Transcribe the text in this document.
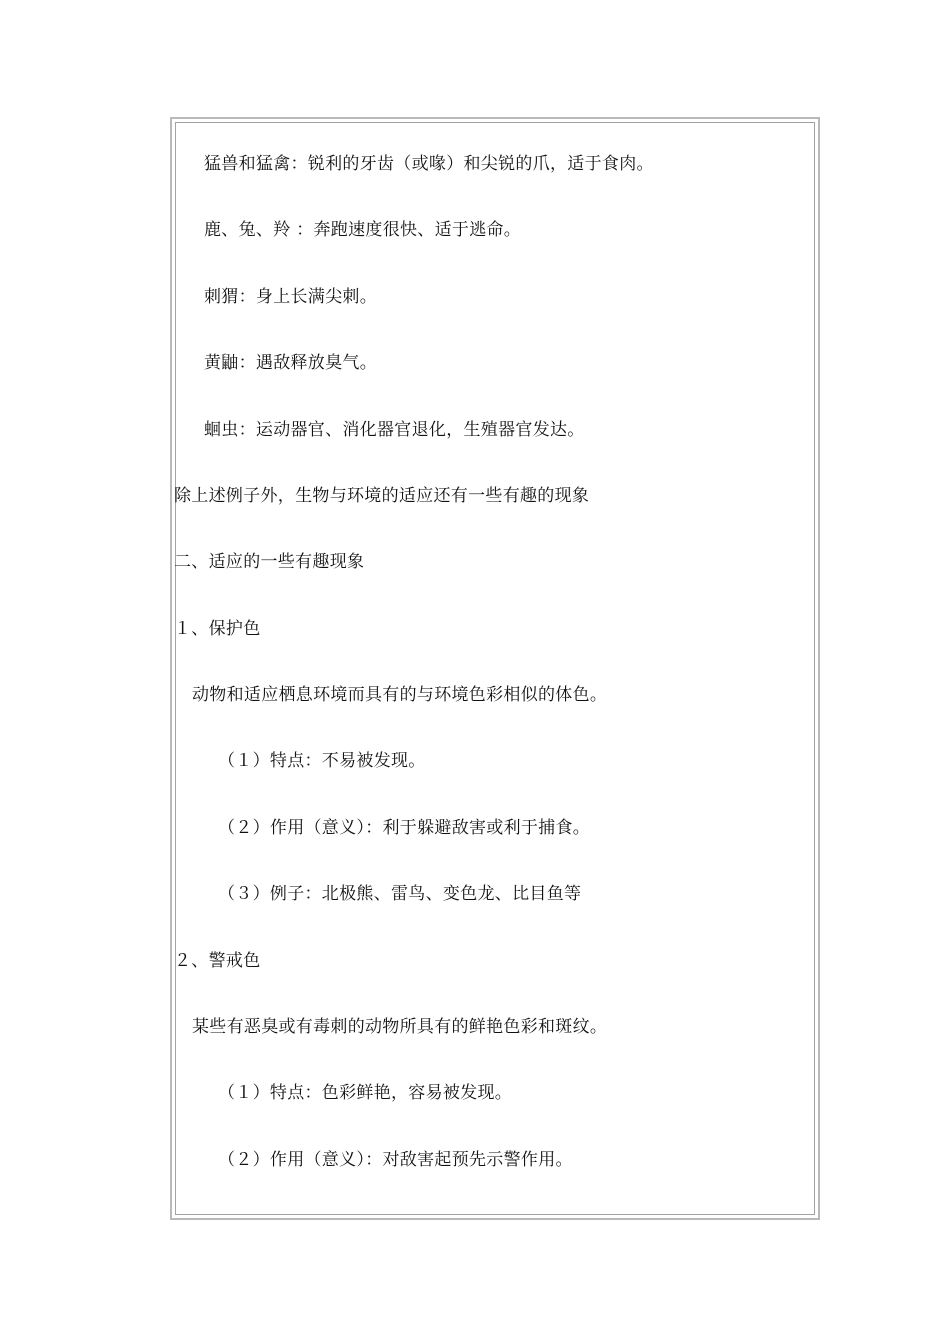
猛兽和猛禽：锐利的牙齿（或喙）和尖锐的爪，适于食肉。
鹿、兔、羚 ：奔跑速度很快、适于逃命。
刺猬：身上长满尖刺。
黄鼬：遇敌释放臭气。
蛔虫：运动器官、消化器官退化，生殖器官发达。
除上述例子外，生物与环境的适应还有一些有趣的现象
二、适应的一些有趣现象
１、保护色
动物和适应栖息环境而具有的与环境色彩相似的体色。
（１）特点：不易被发现。
（２）作用（意义）：利于躲避敌害或利于捕食。
（３）例子：北极熊、雷鸟、变色龙、比目鱼等
２、警戒色
某些有恶臭或有毒刺的动物所具有的鲜艳色彩和斑纹。
（１）特点：色彩鲜艳，容易被发现。
（２）作用（意义）：对敌害起预先示警作用。
